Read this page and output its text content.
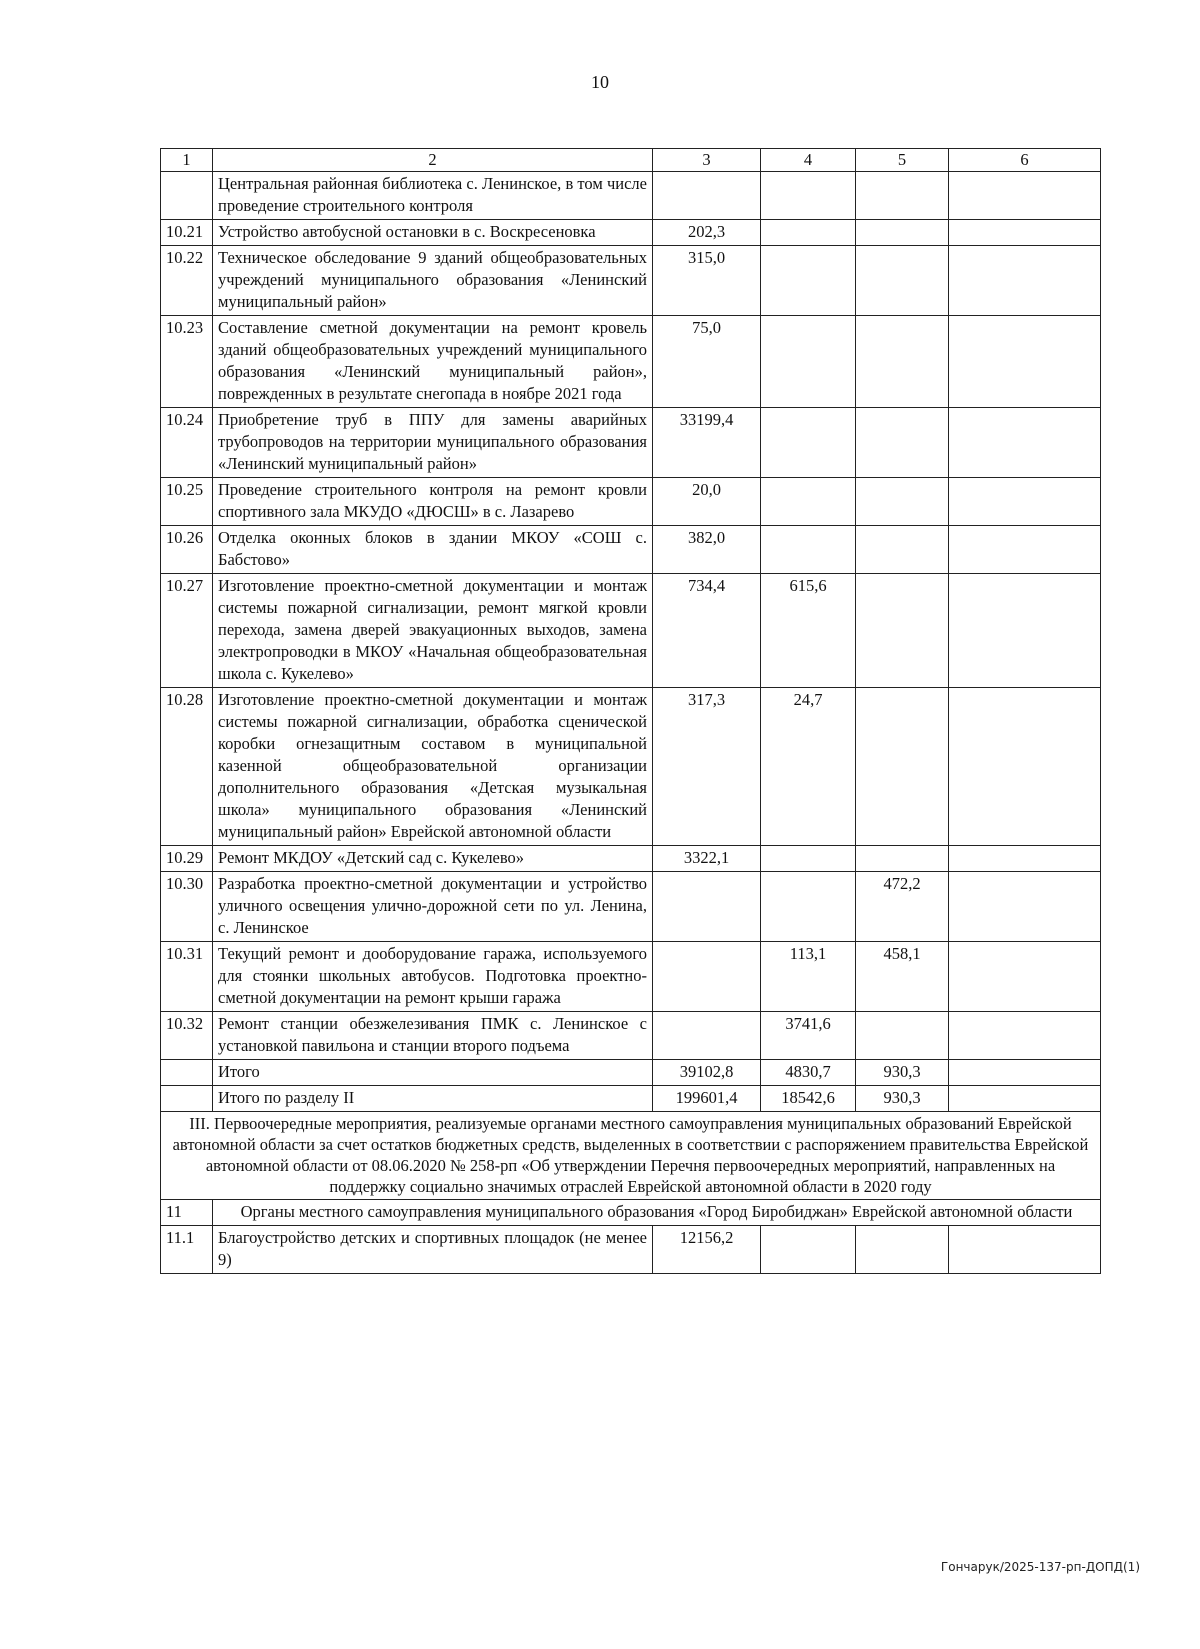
10
1	2	3	4	5	6
	Центральная районная библиотека с. Ленинское, в том числе проведение строительного контроля				
10.21	Устройство автобусной остановки в с. Воскресеновка	202,3			
10.22	Техническое обследование 9 зданий общеобразовательных учреждений муниципального образования «Ленинский муниципальный район»	315,0			
10.23	Составление сметной документации на ремонт кровель зданий общеобразовательных учреждений муниципального образования «Ленинский муниципальный район», поврежденных в результате снегопада в ноябре 2021 года	75,0			
10.24	Приобретение труб в ППУ для замены аварийных трубопроводов на территории муниципального образования «Ленинский муниципальный район»	33199,4			
10.25	Проведение строительного контроля на ремонт кровли спортивного зала МКУДО «ДЮСШ» в с. Лазарево	20,0			
10.26	Отделка оконных блоков в здании МКОУ «СОШ с. Бабстово»	382,0			
10.27	Изготовление проектно-сметной документации и монтаж системы пожарной сигнализации, ремонт мягкой кровли перехода, замена дверей эвакуационных выходов, замена электропроводки в МКОУ «Начальная общеобразовательная школа с. Кукелево»	734,4	615,6		
10.28	Изготовление проектно-сметной документации и монтаж системы пожарной сигнализации, обработка сценической коробки огнезащитным составом в муниципальной казенной общеобразовательной организации дополнительного образования «Детская музыкальная школа» муниципального образования «Ленинский муниципальный район» Еврейской автономной области	317,3	24,7		
10.29	Ремонт МКДОУ «Детский сад с. Кукелево»	3322,1			
10.30	Разработка проектно-сметной документации и устройство уличного освещения улично-дорожной сети по ул. Ленина, с. Ленинское			472,2	
10.31	Текущий ремонт и дооборудование гаража, используемого для стоянки школьных автобусов. Подготовка проектно-сметной документации на ремонт крыши гаража		113,1	458,1	
10.32	Ремонт станции обезжелезивания ПМК с. Ленинское с установкой павильона и станции второго подъема		3741,6		
	Итого	39102,8	4830,7	930,3	
	Итого по разделу II	199601,4	18542,6	930,3	
III. Первоочередные мероприятия, реализуемые органами местного самоуправления муниципальных образований Еврейской автономной области за счет остатков бюджетных средств, выделенных в соответствии с распоряжением правительства Еврейской автономной области от 08.06.2020 № 258-рп «Об утверждении Перечня первоочередных мероприятий, направленных на поддержку социально значимых отраслей Еврейской автономной области в 2020 году					
11	Органы местного самоуправления муниципального образования «Город Биробиджан» Еврейской автономной области				
11.1	Благоустройство детских и спортивных площадок (не менее 9)	12156,2			
Гончарук/2025-137-рп-ДОПД(1)
